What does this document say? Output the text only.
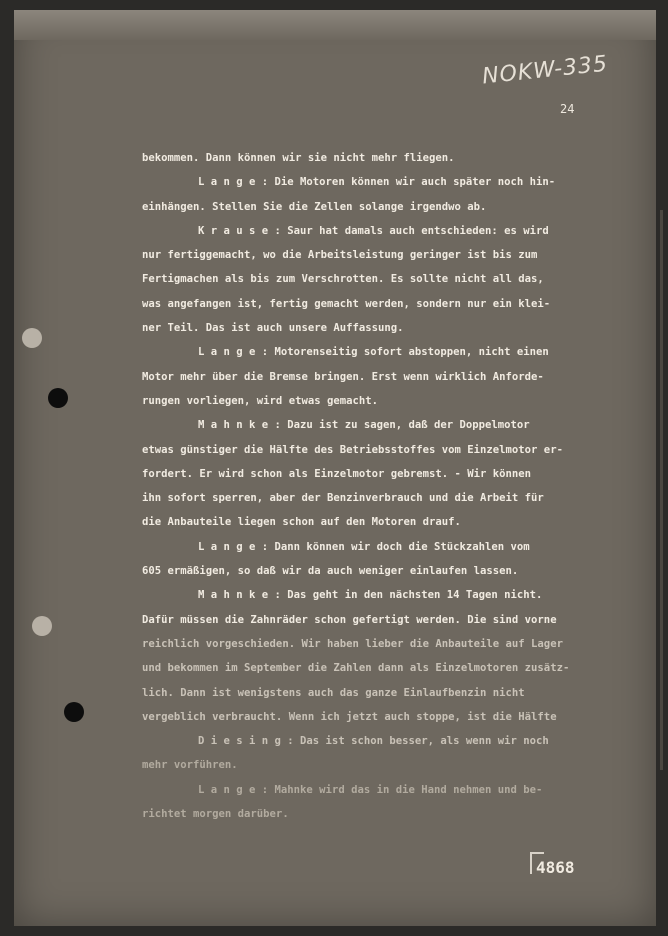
NOKW-335
24
bekommen. Dann können wir sie nicht mehr fliegen.
L a n g e : Die Motoren können wir auch später noch hin-
einhängen. Stellen Sie die Zellen solange irgendwo ab.
K r a u s e : Saur hat damals auch entschieden: es wird
nur fertiggemacht, wo die Arbeitsleistung geringer ist bis zum
Fertigmachen als bis zum Verschrotten. Es sollte nicht all das,
was angefangen ist, fertig gemacht werden, sondern nur ein klei-
ner Teil. Das ist auch unsere Auffassung.
L a n g e : Motorenseitig sofort abstoppen, nicht einen
Motor mehr über die Bremse bringen. Erst wenn wirklich Anforde-
rungen vorliegen, wird etwas gemacht.
M a h n k e : Dazu ist zu sagen, daß der Doppelmotor
etwas günstiger die Hälfte des Betriebsstoffes vom Einzelmotor er-
fordert. Er wird schon als Einzelmotor gebremst. - Wir können
ihn sofort sperren, aber der Benzinverbrauch und die Arbeit für
die Anbauteile liegen schon auf den Motoren drauf.
L a n g e : Dann können wir doch die Stückzahlen vom
605 ermäßigen, so daß wir da auch weniger einlaufen lassen.
M a h n k e : Das geht in den nächsten 14 Tagen nicht.
Dafür müssen die Zahnräder schon gefertigt werden. Die sind vorne
reichlich vorgeschieden. Wir haben lieber die Anbauteile auf Lager
und bekommen im September die Zahlen dann als Einzelmotoren zusätz-
lich. Dann ist wenigstens auch das ganze Einlaufbenzin nicht
vergeblich verbraucht. Wenn ich jetzt auch stoppe, ist die Hälfte
D i e s i n g : Das ist schon besser, als wenn wir noch
mehr vorführen.
L a n g e : Mahnke wird das in die Hand nehmen und be-
richtet morgen darüber.
4868
